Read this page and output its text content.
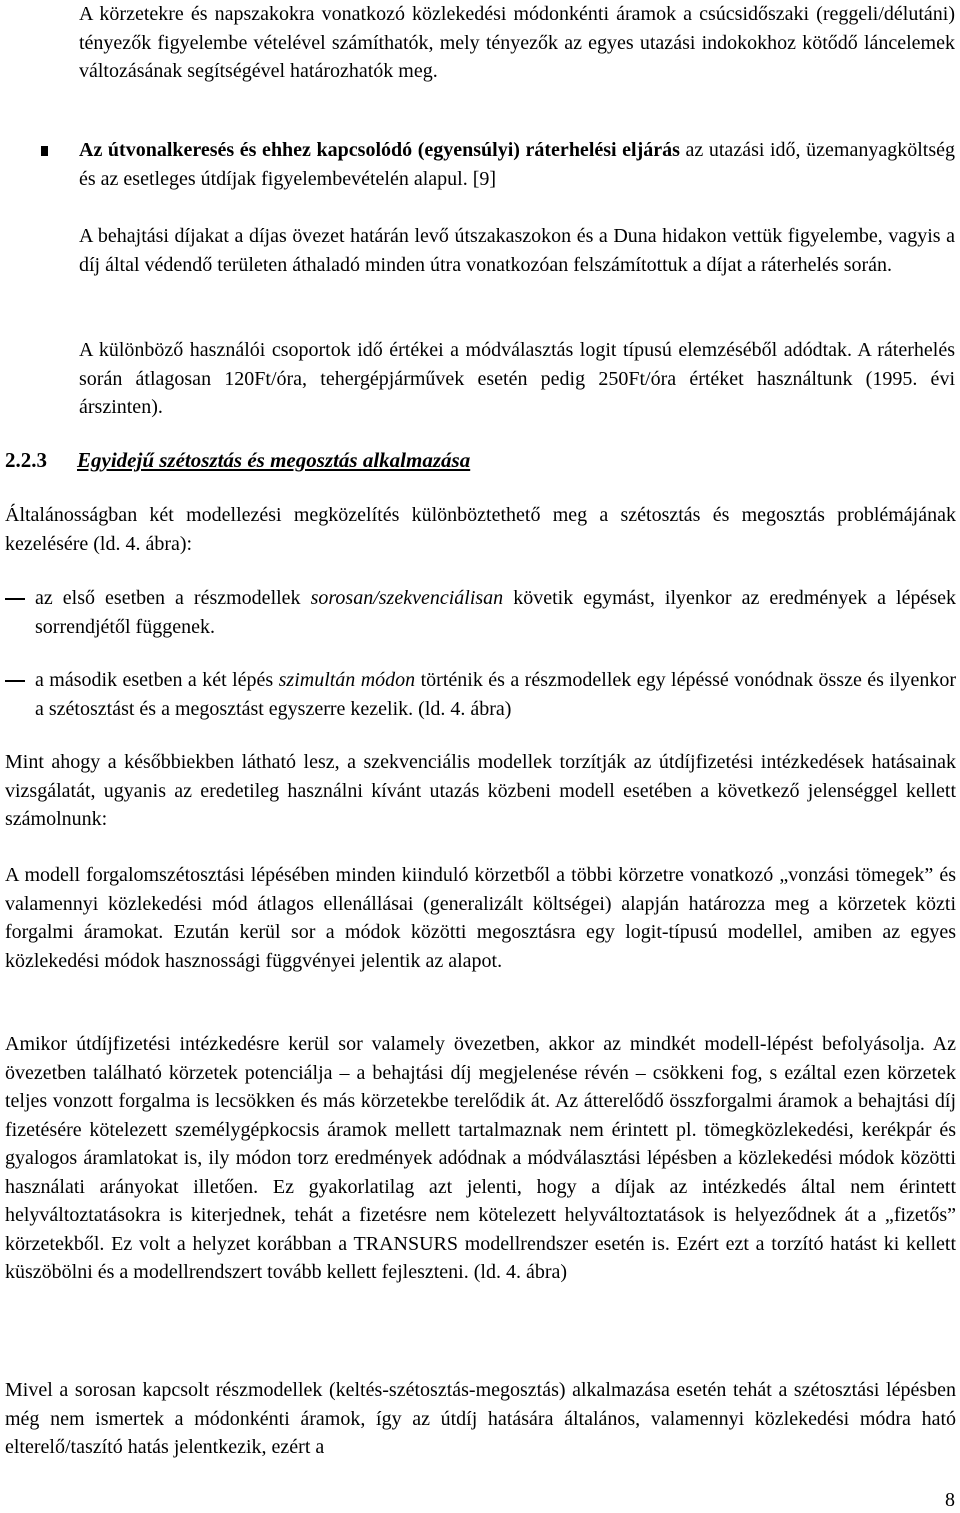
A körzetekre és napszakokra vonatkozó közlekedési módonkénti áramok a csúcsidőszaki (reggeli/délutáni) tényezők figyelembe vételével számíthatók, mely tényezők az egyes utazási indokokhoz kötődő láncelemek változásának segítségével határozhatók meg.

Az útvonalkeresés és ehhez kapcsolódó (egyensúlyi) ráterhelési eljárás az utazási idő, üzemanyagköltség és az esetleges útdíjak figyelembevételén alapul. [9]

A behajtási díjakat a díjas övezet határán levő útszakaszokon és a Duna hidakon vettük figyelembe, vagyis a díj által védendő területen áthaladó minden útra vonatkozóan felszámítottuk a díjat a ráterhelés során.

A különböző használói csoportok idő értékei a módválasztás logit típusú elemzéséből adódtak. A ráterhelés során átlagosan 120Ft/óra, tehergépjárművek esetén pedig 250Ft/óra értéket használtunk (1995. évi árszinten).

2.2.3 Egyidejű szétosztás és megosztás alkalmazása

Általánosságban két modellezési megközelítés különböztethető meg a szétosztás és megosztás problémájának kezelésére (ld. 4. ábra):

az első esetben a részmodellek sorosan/szekvenciálisan követik egymást, ilyenkor az eredmények a lépések sorrendjétől függenek.

a második esetben a két lépés szimultán módon történik és a részmodellek egy lépéssé vonódnak össze és ilyenkor a szétosztást és a megosztást egyszerre kezelik. (ld. 4. ábra)

Mint ahogy a későbbiekben látható lesz, a szekvenciális modellek torzítják az útdíjfizetési intézkedések hatásainak vizsgálatát, ugyanis az eredetileg használni kívánt utazás közbeni modell esetében a következő jelenséggel kellett számolnunk:

A modell forgalomszétosztási lépésében minden kiinduló körzetből a többi körzetre vonatkozó „vonzási tömegek” és valamennyi közlekedési mód átlagos ellenállásai (generalizált költségei) alapján határozza meg a körzetek közti forgalmi áramokat. Ezután kerül sor a módok közötti megosztásra egy logit-típusú modellel, amiben az egyes közlekedési módok hasznossági függvényei jelentik az alapot.

Amikor útdíjfizetési intézkedésre kerül sor valamely övezetben, akkor az mindkét modell-lépést befolyásolja. Az övezetben található körzetek potenciálja – a behajtási díj megjelenése révén – csökkeni fog, s ezáltal ezen körzetek teljes vonzott forgalma is lecsökken és más körzetekbe terelődik át. Az átterelődő összforgalmi áramok a behajtási díj fizetésére kötelezett személygépkocsis áramok mellett tartalmaznak nem érintett pl. tömegközlekedési, kerékpár és gyalogos áramlatokat is, ily módon torz eredmények adódnak a módválasztási lépésben a közlekedési módok közötti használati arányokat illetően. Ez gyakorlatilag azt jelenti, hogy a díjak az intézkedés által nem érintett helyváltoztatásokra is kiterjednek, tehát a fizetésre nem kötelezett helyváltoztatások is helyeződnek át a „fizetős” körzetekből. Ez volt a helyzet korábban a TRANSURS modellrendszer esetén is. Ezért ezt a torzító hatást ki kellett küszöbölni és a modellrendszert tovább kellett fejleszteni. (ld. 4. ábra)

Mivel a sorosan kapcsolt részmodellek (keltés-szétosztás-megosztás) alkalmazása esetén tehát a szétosztási lépésben még nem ismertek a módonkénti áramok, így az útdíj hatására általános, valamennyi közlekedési módra ható elterelő/taszító hatás jelentkezik, ezért a

8
